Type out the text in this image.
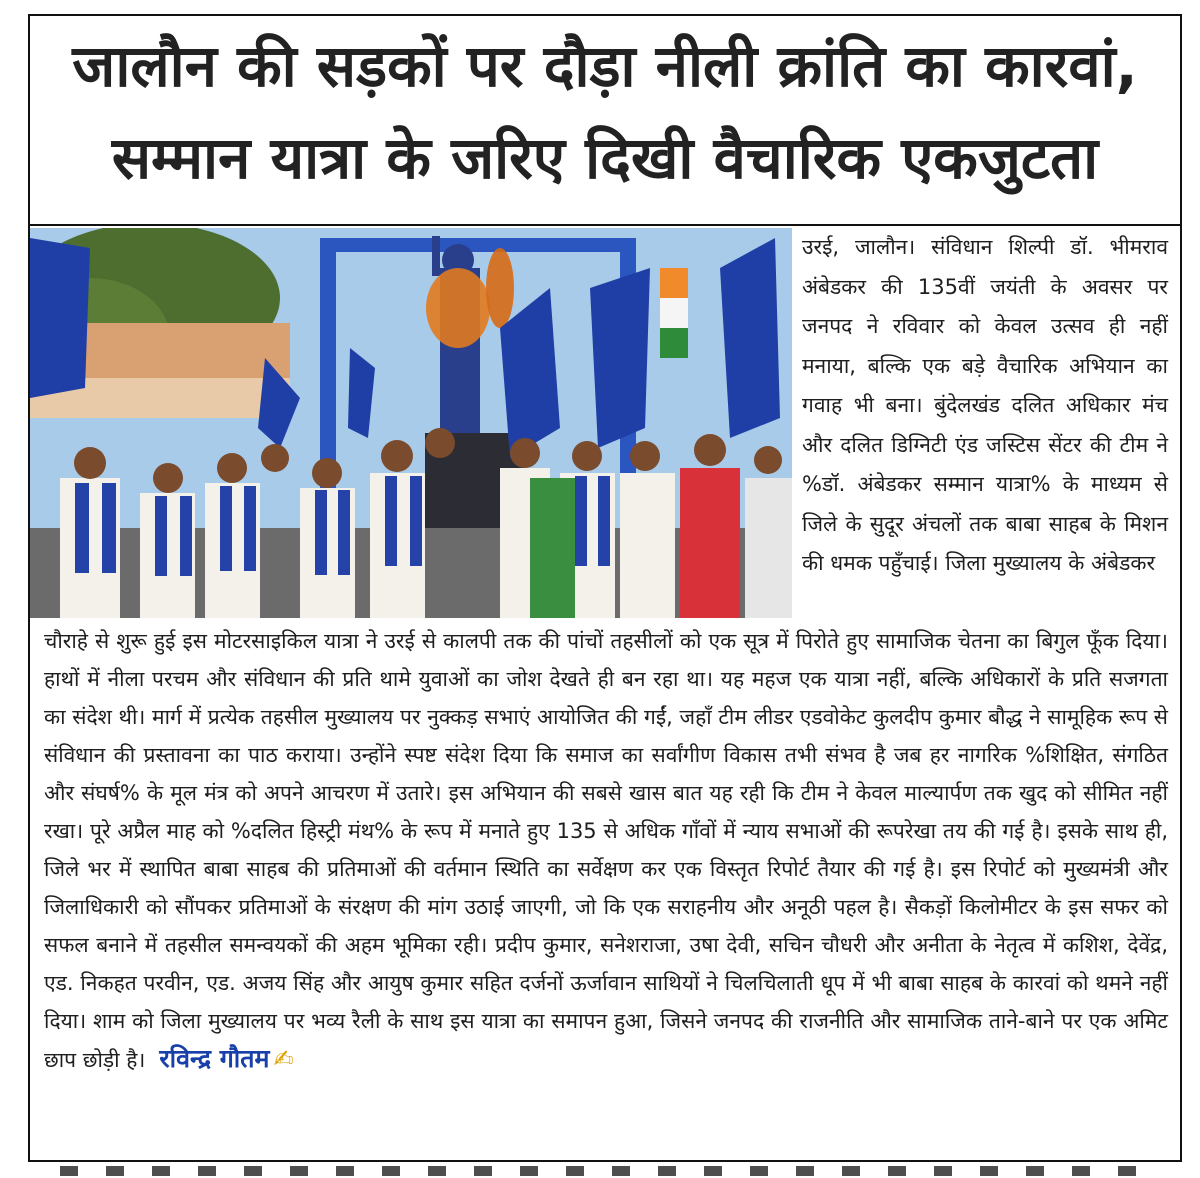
जालौन की सड़कों पर दौड़ा नीली क्रांति का कारवां,
सम्मान यात्रा के जरिए दिखी वैचारिक एकजुटता
उरई, जालौन। संविधान शिल्पी डॉ. भीमराव अंबेडकर की 135वीं जयंती के अवसर पर जनपद ने रविवार को केवल उत्सव ही नहीं मनाया, बल्कि एक बड़े वैचारिक अभियान का गवाह भी बना। बुंदेलखंड दलित अधिकार मंच और दलित डिग्निटी एंड जस्टिस सेंटर की टीम ने %डॉ. अंबेडकर सम्मान यात्रा% के माध्यम से जिले के सुदूर अंचलों तक बाबा साहब के मिशन की धमक पहुँचाई। जिला मुख्यालय के अंबेडकर
चौराहे से शुरू हुई इस मोटरसाइकिल यात्रा ने उरई से कालपी तक की पांचों तहसीलों को एक सूत्र में पिरोते हुए सामाजिक चेतना का बिगुल फूँक दिया। हाथों में नीला परचम और संविधान की प्रति थामे युवाओं का जोश देखते ही बन रहा था। यह महज एक यात्रा नहीं, बल्कि अधिकारों के प्रति सजगता का संदेश थी। मार्ग में प्रत्येक तहसील मुख्यालय पर नुक्कड़ सभाएं आयोजित की गईं, जहाँ टीम लीडर एडवोकेट कुलदीप कुमार बौद्ध ने सामूहिक रूप से संविधान की प्रस्तावना का पाठ कराया। उन्होंने स्पष्ट संदेश दिया कि समाज का सर्वांगीण विकास तभी संभव है जब हर नागरिक %शिक्षित, संगठित और संघर्ष% के मूल मंत्र को अपने आचरण में उतारे। इस अभियान की सबसे खास बात यह रही कि टीम ने केवल माल्यार्पण तक खुद को सीमित नहीं रखा। पूरे अप्रैल माह को %दलित हिस्ट्री मंथ% के रूप में मनाते हुए 135 से अधिक गाँवों में न्याय सभाओं की रूपरेखा तय की गई है। इसके साथ ही, जिले भर में स्थापित बाबा साहब की प्रतिमाओं की वर्तमान स्थिति का सर्वेक्षण कर एक विस्तृत रिपोर्ट तैयार की गई है। इस रिपोर्ट को मुख्यमंत्री और जिलाधिकारी को सौंपकर प्रतिमाओं के संरक्षण की मांग उठाई जाएगी, जो कि एक सराहनीय और अनूठी पहल है। सैकड़ों किलोमीटर के इस सफर को सफल बनाने में तहसील समन्वयकों की अहम भूमिका रही। प्रदीप कुमार, सनेशराजा, उषा देवी, सचिन चौधरी और अनीता के नेतृत्व में कशिश, देवेंद्र, एड. निकहत परवीन, एड. अजय सिंह और आयुष कुमार सहित दर्जनों ऊर्जावान साथियों ने चिलचिलाती धूप में भी बाबा साहब के कारवां को थमने नहीं दिया। शाम को जिला मुख्यालय पर भव्य रैली के साथ इस यात्रा का समापन हुआ, जिसने जनपद की राजनीति और सामाजिक ताने-बाने पर एक अमिट छाप छोड़ी है। रविन्द्र गौतम ✍
